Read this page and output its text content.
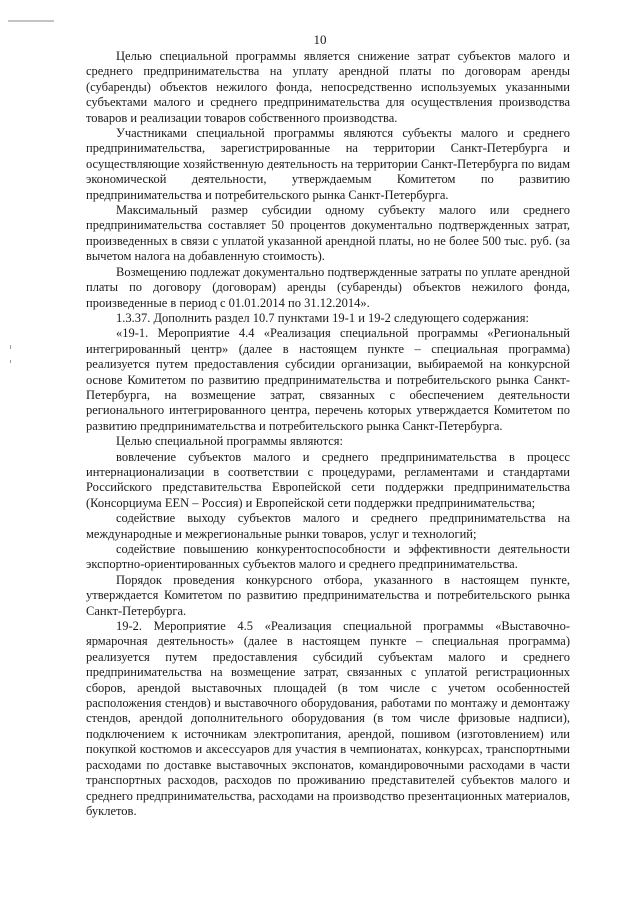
10

Целью специальной программы является снижение затрат субъектов малого и среднего предпринимательства на уплату арендной платы по договорам аренды (субаренды) объектов нежилого фонда, непосредственно используемых указанными субъектами малого и среднего предпринимательства для осуществления производства товаров и реализации товаров собственного производства.

Участниками специальной программы являются субъекты малого и среднего предпринимательства, зарегистрированные на территории Санкт-Петербурга и осуществляющие хозяйственную деятельность на территории Санкт-Петербурга по видам экономической деятельности, утверждаемым Комитетом по развитию предпринимательства и потребительского рынка Санкт-Петербурга.

Максимальный размер субсидии одному субъекту малого или среднего предпринимательства составляет 50 процентов документально подтвержденных затрат, произведенных в связи с уплатой указанной арендной платы, но не более 500 тыс. руб. (за вычетом налога на добавленную стоимость).

Возмещению подлежат документально подтвержденные затраты по уплате арендной платы по договору (договорам) аренды (субаренды) объектов нежилого фонда, произведенные в период с 01.01.2014 по 31.12.2014».

1.3.37. Дополнить раздел 10.7 пунктами 19-1 и 19-2 следующего содержания:

«19-1. Мероприятие 4.4 «Реализация специальной программы «Региональный интегрированный центр» (далее в настоящем пункте – специальная программа) реализуется путем предоставления субсидии организации, выбираемой на конкурсной основе Комитетом по развитию предпринимательства и потребительского рынка Санкт-Петербурга, на возмещение затрат, связанных с обеспечением деятельности регионального интегрированного центра, перечень которых утверждается Комитетом по развитию предпринимательства и потребительского рынка Санкт-Петербурга.

Целью специальной программы являются:

вовлечение субъектов малого и среднего предпринимательства в процесс интернационализации в соответствии с процедурами, регламентами и стандартами Российского представительства Европейской сети поддержки предпринимательства (Консорциума EEN – Россия) и Европейской сети поддержки предпринимательства;

содействие выходу субъектов малого и среднего предпринимательства на международные и межрегиональные рынки товаров, услуг и технологий;

содействие повышению конкурентоспособности и эффективности деятельности экспортно-ориентированных субъектов малого и среднего предпринимательства.

Порядок проведения конкурсного отбора, указанного в настоящем пункте, утверждается Комитетом по развитию предпринимательства и потребительского рынка Санкт-Петербурга.

19-2. Мероприятие 4.5 «Реализация специальной программы «Выставочно-ярмарочная деятельность» (далее в настоящем пункте – специальная программа) реализуется путем предоставления субсидий субъектам малого и среднего предпринимательства на возмещение затрат, связанных с уплатой регистрационных сборов, арендой выставочных площадей (в том числе с учетом особенностей расположения стендов) и выставочного оборудования, работами по монтажу и демонтажу стендов, арендой дополнительного оборудования (в том числе фризовые надписи), подключением к источникам электропитания, арендой, пошивом (изготовлением) или покупкой костюмов и аксессуаров для участия в чемпионатах, конкурсах, транспортными расходами по доставке выставочных экспонатов, командировочными расходами в части транспортных расходов, расходов по проживанию представителей субъектов малого и среднего предпринимательства, расходами на производство презентационных материалов, буклетов.
